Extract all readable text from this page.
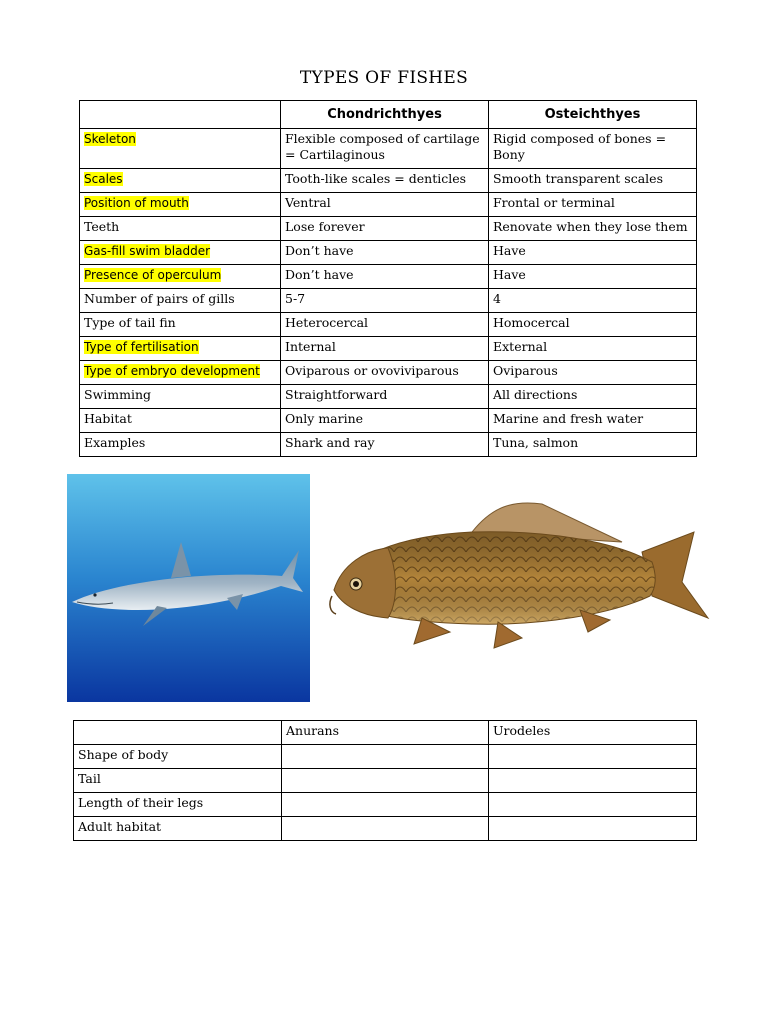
TYPES OF FISHES
	Chondrichthyes	Osteichthyes
Skeleton	Flexible composed of cartilage = Cartilaginous	Rigid composed of bones = Bony
Scales	Tooth-like scales = denticles	Smooth transparent scales
Position of mouth	Ventral	Frontal or terminal
Teeth	Lose forever	Renovate when they lose them
Gas-fill swim bladder	Don’t have	Have
Presence of operculum	Don’t have	Have
Number of pairs of gills	5-7	4
Type of tail fin	Heterocercal	Homocercal
Type of fertilisation	Internal	External
Type of embryo development	Oviparous or ovoviviparous	Oviparous
Swimming	Straightforward	All directions
Habitat	Only marine	Marine and fresh water
Examples	Shark and ray	Tuna, salmon
	Anurans	Urodeles
Shape of body		
Tail		
Length of their legs		
Adult habitat		
